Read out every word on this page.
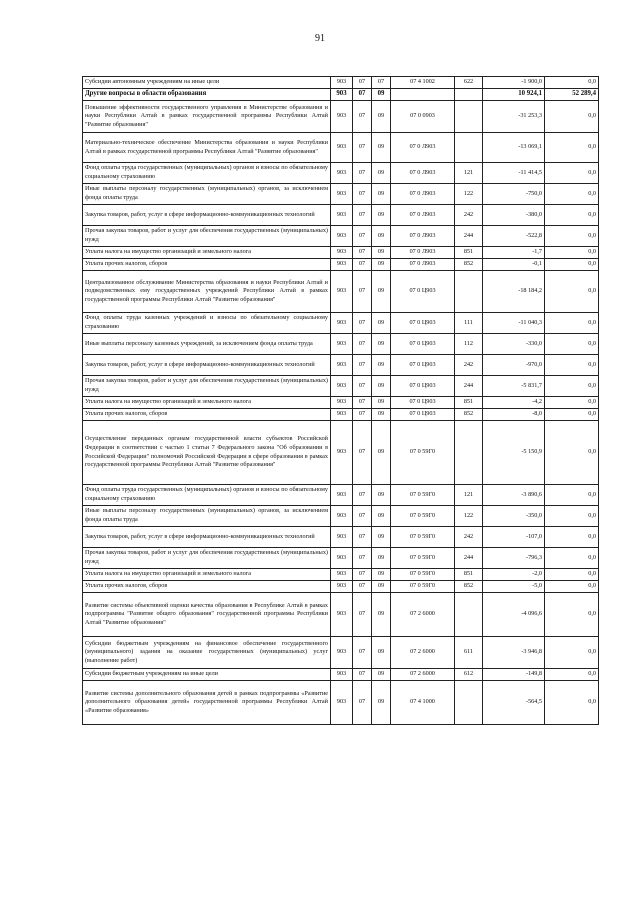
91
Субсидии автономным учреждениям на иные цели	903	07	07	07 4 1002	622	-1 900,0	0,0
Другие вопросы в области образования	903	07	09			10 924,1	52 289,4
Повышение эффективности государственного управления в Министерстве образования и науки Республики Алтай в рамках государственной программы Республики Алтай "Развитие образования"	903	07	09	07 0 0903		-31 253,3	0,0
Материально-техническое обеспечение Министерства образования и науки Республики Алтай в рамках государственной программы Республики Алтай "Развитие образования"	903	07	09	07 0 Л903		-13 069,1	0,0
Фонд оплаты труда государственных (муниципальных) органов и взносы по обязательному социальному страхованию	903	07	09	07 0 Л903	121	-11 414,5	0,0
Иные выплаты персоналу государственных (муниципальных) органов, за исключением фонда оплаты труда	903	07	09	07 0 Л903	122	-750,0	0,0
Закупка товаров, работ, услуг в сфере информационно-коммуникационных технологий	903	07	09	07 0 Л903	242	-380,0	0,0
Прочая закупка товаров, работ и услуг для обеспечения государственных (муниципальных) нужд	903	07	09	07 0 Л903	244	-522,8	0,0
Уплата налога на имущество организаций и земельного налога	903	07	09	07 0 Л903	851	-1,7	0,0
Уплата прочих налогов, сборов	903	07	09	07 0 Л903	852	-0,1	0,0
Централизованное обслуживание Министерства образования и науки Республики Алтай и подведомственных ему государственных учреждений Республики Алтай в рамках государственной программы Республики Алтай "Развитие образования"	903	07	09	07 0 Ц903		-18 184,2	0,0
Фонд оплаты труда казенных учреждений и взносы по обязательному социальному страхованию	903	07	09	07 0 Ц903	111	-11 040,3	0,0
Иные выплаты персоналу казенных учреждений, за исключением фонда оплаты труда	903	07	09	07 0 Ц903	112	-330,0	0,0
Закупка товаров, работ, услуг в сфере информационно-коммуникационных технологий	903	07	09	07 0 Ц903	242	-970,0	0,0
Прочая закупка товаров, работ и услуг для обеспечения государственных (муниципальных) нужд	903	07	09	07 0 Ц903	244	-5 831,7	0,0
Уплата налога на имущество организаций и земельного налога	903	07	09	07 0 Ц903	851	-4,2	0,0
Уплата прочих налогов, сборов	903	07	09	07 0 Ц903	852	-8,0	0,0
Осуществление переданных органам государственной власти субъектов Российской Федерации в соответствии с частью 1 статьи 7 Федерального закона "Об образовании в Российской Федерации" полномочий Российской Федерации в сфере образования в рамках государственной программы Республики Алтай "Развитие образования"	903	07	09	07 0 59Г0		-5 150,9	0,0
Фонд оплаты труда государственных (муниципальных) органов и взносы по обязательному социальному страхованию	903	07	09	07 0 59Г0	121	-3 890,6	0,0
Иные выплаты персоналу государственных (муниципальных) органов, за исключением фонда оплаты труда	903	07	09	07 0 59Г0	122	-350,0	0,0
Закупка товаров, работ, услуг в сфере информационно-коммуникационных технологий	903	07	09	07 0 59Г0	242	-107,0	0,0
Прочая закупка товаров, работ и услуг для обеспечения государственных (муниципальных) нужд	903	07	09	07 0 59Г0	244	-796,3	0,0
Уплата налога на имущество организаций и земельного налога	903	07	09	07 0 59Г0	851	-2,0	0,0
Уплата прочих налогов, сборов	903	07	09	07 0 59Г0	852	-5,0	0,0
Развитие системы объективной оценки качества образования в Республике Алтай в рамках подпрограммы "Развитие общего образования" государственной программы Республики Алтай "Развитие образования"	903	07	09	07 2 6000		-4 096,6	0,0
Субсидии бюджетным учреждениям на финансовое обеспечение государственного (муниципального) задания на оказание государственных (муниципальных) услуг (выполнение работ)	903	07	09	07 2 6000	611	-3 946,8	0,0
Субсидии бюджетным учреждениям на иные цели	903	07	09	07 2 6000	612	-149,8	0,0
Развитие системы дополнительного образования детей в рамках подпрограммы «Развитие дополнительного образования детей» государственной программы Республики Алтай «Развитие образования»	903	07	09	07 4 1000		-564,5	0,0
